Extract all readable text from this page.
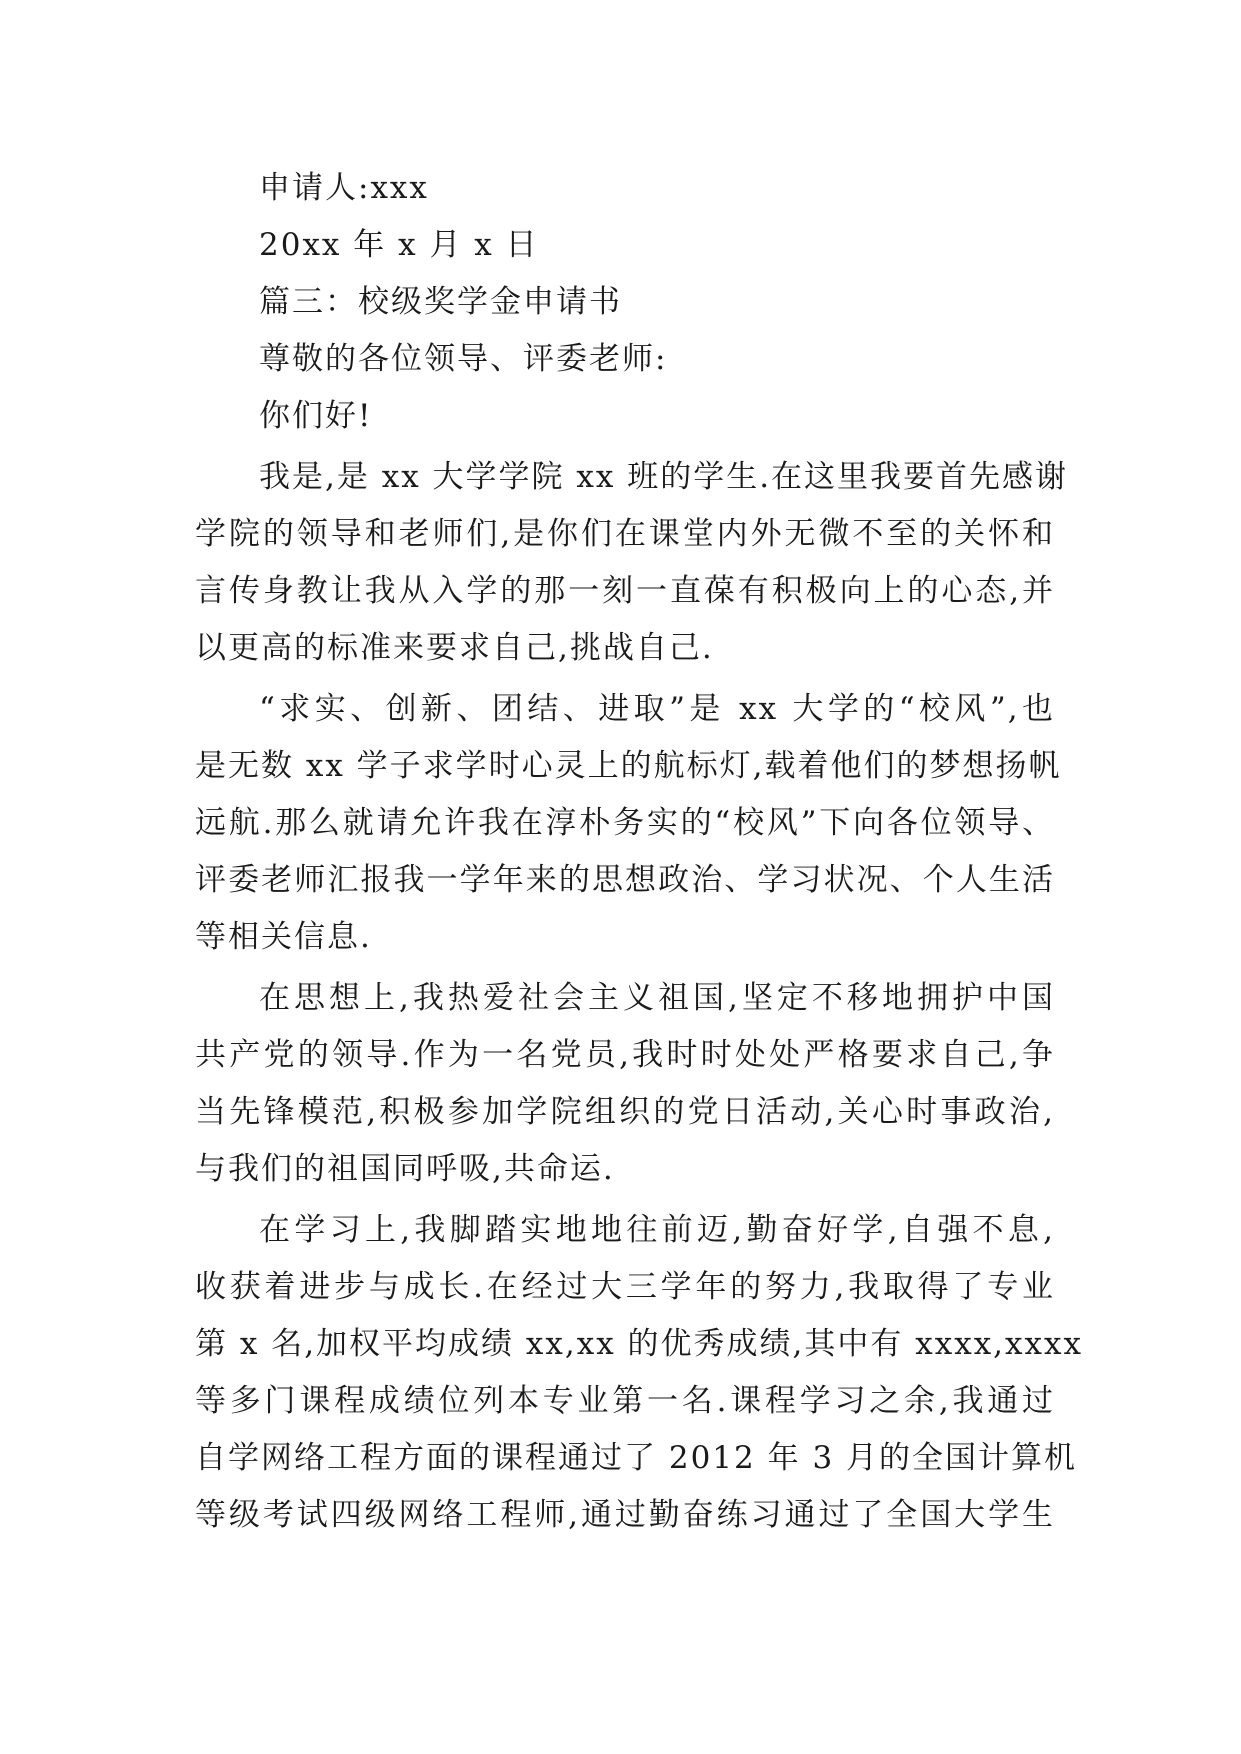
申请人:xxx
20xx 年 x 月 x 日
篇三：校级奖学金申请书
尊敬的各位领导、评委老师:
你们好!
我是,是 xx 大学学院 xx 班的学生.在这里我要首先感谢
学院的领导和老师们,是你们在课堂内外无微不至的关怀和
言传身教让我从入学的那一刻一直葆有积极向上的心态,并
以更高的标准来要求自己,挑战自己.
“求实、创新、团结、进取”是 xx 大学的“校风”,也
是无数 xx 学子求学时心灵上的航标灯,载着他们的梦想扬帆
远航.那么就请允许我在淳朴务实的“校风”下向各位领导、
评委老师汇报我一学年来的思想政治、学习状况、个人生活
等相关信息.
在思想上,我热爱社会主义祖国,坚定不移地拥护中国
共产党的领导.作为一名党员,我时时处处严格要求自己,争
当先锋模范,积极参加学院组织的党日活动,关心时事政治,
与我们的祖国同呼吸,共命运.
在学习上,我脚踏实地地往前迈,勤奋好学,自强不息,
收获着进步与成长.在经过大三学年的努力,我取得了专业
第 x 名,加权平均成绩 xx,xx 的优秀成绩,其中有 xxxx,xxxx
等多门课程成绩位列本专业第一名.课程学习之余,我通过
自学网络工程方面的课程通过了 2012 年 3 月的全国计算机
等级考试四级网络工程师,通过勤奋练习通过了全国大学生
